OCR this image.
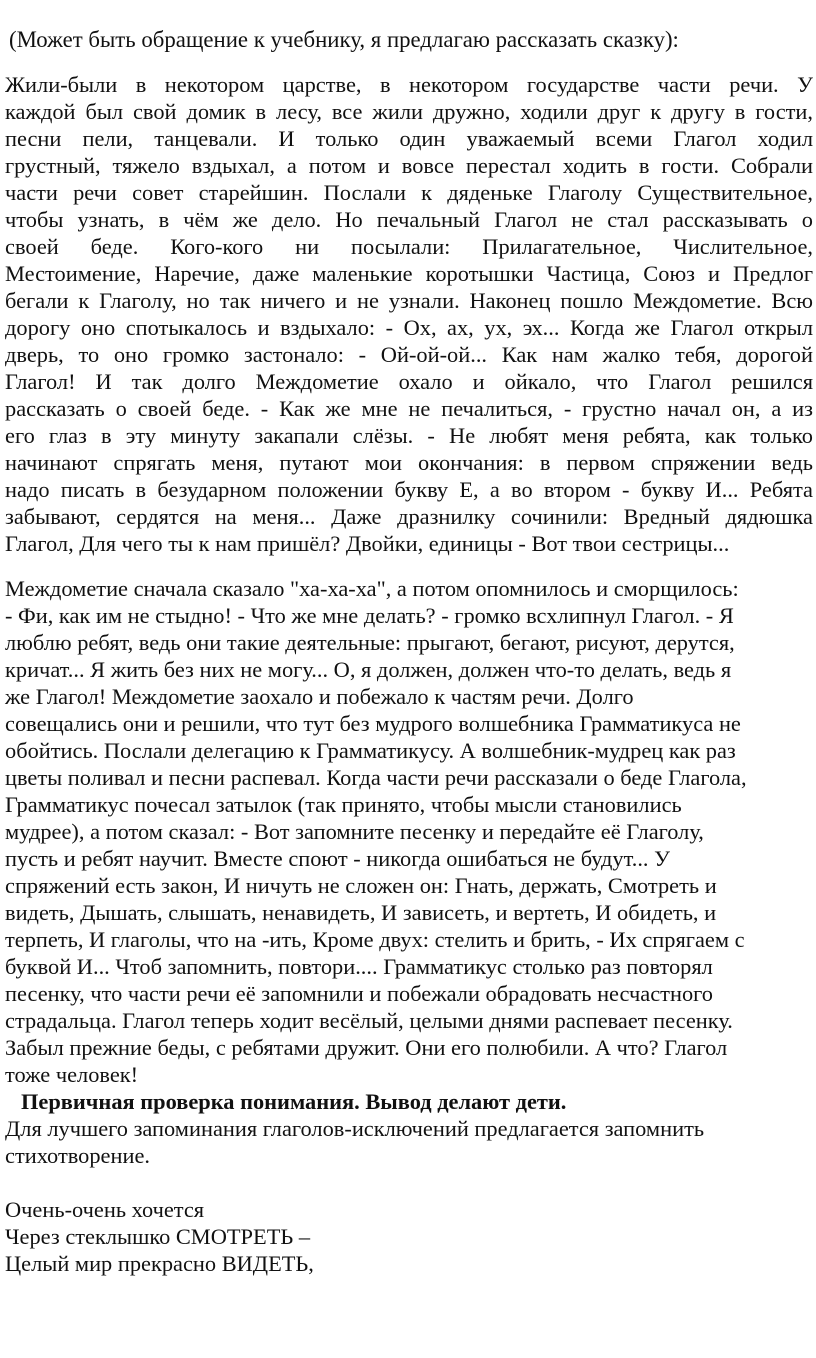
(Может быть обращение к учебнику, я предлагаю рассказать сказку):
Жили-были в некотором царстве, в некотором государстве части речи. У
каждой был свой домик в лесу, все жили дружно, ходили друг к другу в гости,
песни пели, танцевали. И только один уважаемый всеми Глагол ходил
грустный, тяжело вздыхал, а потом и вовсе перестал ходить в гости. Собрали
части речи совет старейшин. Послали к дяденьке Глаголу Существительное,
чтобы узнать, в чём же дело. Но печальный Глагол не стал рассказывать о
своей беде. Кого-кого ни посылали: Прилагательное, Числительное,
Местоимение, Наречие, даже маленькие коротышки Частица, Союз и Предлог
бегали к Глаголу, но так ничего и не узнали. Наконец пошло Междометие. Всю
дорогу оно спотыкалось и вздыхало: - Ох, ах, ух, эх... Когда же Глагол открыл
дверь, то оно громко застонало: - Ой-ой-ой... Как нам жалко тебя, дорогой
Глагол! И так долго Междометие охало и ойкало, что Глагол решился
рассказать о своей беде. - Как же мне не печалиться, - грустно начал он, а из
его глаз в эту минуту закапали слёзы. - Не любят меня ребята, как только
начинают спрягать меня, путают мои окончания: в первом спряжении ведь
надо писать в безударном положении букву Е, а во втором - букву И... Ребята
забывают, сердятся на меня... Даже дразнилку сочинили: Вредный дядюшка
Глагол, Для чего ты к нам пришёл? Двойки, единицы - Вот твои сестрицы...
Междометие сначала сказало "ха-ха-ха", а потом опомнилось и сморщилось:
- Фи, как им не стыдно! - Что же мне делать? - громко всхлипнул Глагол. - Я
люблю ребят, ведь они такие деятельные: прыгают, бегают, рисуют, дерутся,
кричат... Я жить без них не могу... О, я должен, должен что-то делать, ведь я
же Глагол! Междометие заохало и побежало к частям речи. Долго
совещались они и решили, что тут без мудрого волшебника Грамматикуса не
обойтись. Послали делегацию к Грамматикусу. А волшебник-мудрец как раз
цветы поливал и песни распевал. Когда части речи рассказали о беде Глагола,
Грамматикус почесал затылок (так принято, чтобы мысли становились
мудрее), а потом сказал: - Вот запомните песенку и передайте её Глаголу,
пусть и ребят научит. Вместе споют - никогда ошибаться не будут... У
спряжений есть закон, И ничуть не сложен он: Гнать, держать, Смотреть и
видеть, Дышать, слышать, ненавидеть, И зависеть, и вертеть, И обидеть, и
терпеть, И глаголы, что на -ить, Кроме двух: стелить и брить, - Их спрягаем с
буквой И... Чтоб запомнить, повтори.... Грамматикус столько раз повторял
песенку, что части речи её запомнили и побежали обрадовать несчастного
страдальца. Глагол теперь ходит весёлый, целыми днями распевает песенку.
Забыл прежние беды, с ребятами дружит. Они его полюбили. А что? Глагол
тоже человек!
Первичная проверка понимания. Вывод делают дети.
Для лучшего запоминания глаголов-исключений предлагается запомнить
стихотворение.
Очень-очень хочется
Через стеклышко СМОТРЕТЬ –
Целый мир прекрасно ВИДЕТЬ,
